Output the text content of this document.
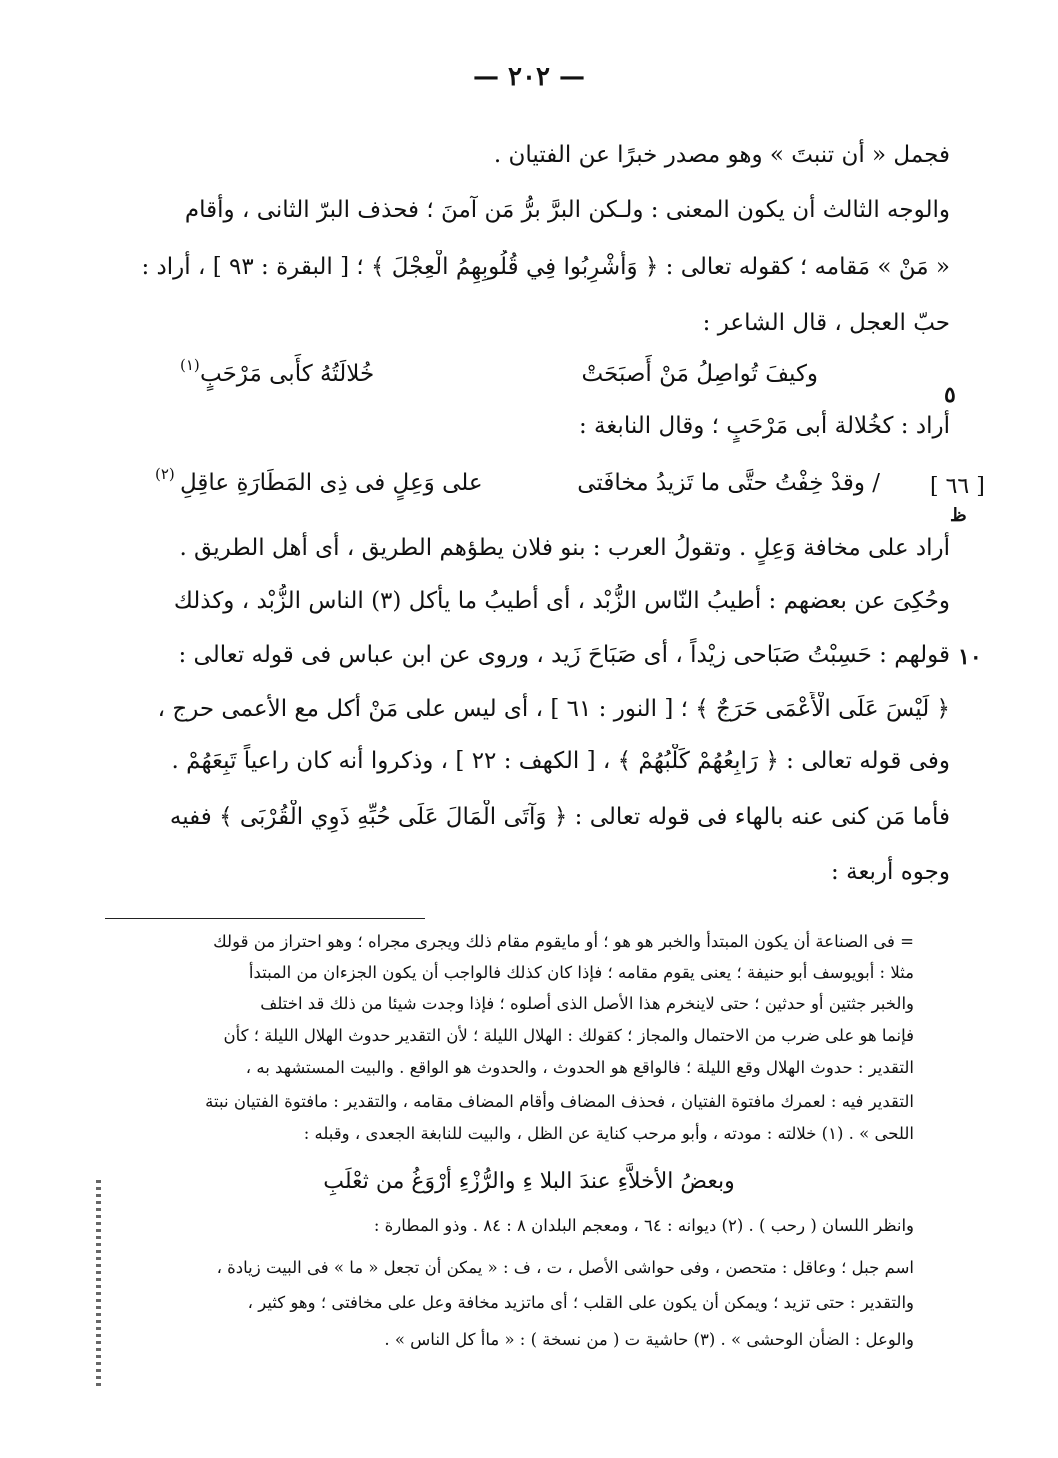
— ٢٠٢ —
فجمل « أن تنبتَ » وهو مصدر خبرًا عن الفتيان .
والوجه الثالث أن يكون المعنى : ولـكن البرَّ برُّ مَن آمنَ ؛ فحذف البرّ الثانى ، وأقام
« مَنْ » مَقامه ؛ كقوله تعالى : ﴿ وَأُشْرِبُوا فِي قُلُوبِهِمُ الْعِجْلَ ﴾ ؛ [ البقرة : ٩٣ ] ، أراد :
حبّ العجل ، قال الشاعر :
أراد : كخُلالة أبى مَرْحَبٍ ؛ وقال النابغة :
أراد على مخافة وَعِلٍ . وتقولُ العرب : بنو فلان يطؤهم الطريق ، أى أهل الطريق .
وحُكِىَ عن بعضهم : أطيبُ النّاس الزُّبْد ، أى أطيبُ ما يأكل (٣) الناس الزُّبْد ، وكذلك
قولهم : حَسِبْتُ صَبَاحى زيْداً ، أى صَبَاحَ زَيد ، وروى عن ابن عباس فى قوله تعالى :
﴿ لَيْسَ عَلَى الْأَعْمَى حَرَجٌ ﴾ ؛ [ النور : ٦١ ] ، أى ليس على مَنْ أكل مع الأعمى حرج ،
وفى قوله تعالى : ﴿ رَابِعُهُمْ كَلْبُهُمْ ﴾ ، [ الكهف : ٢٢ ] ، وذكروا أنه كان راعياً تَبِعَهُمْ .
فأما مَن كنى عنه بالهاء فى قوله تعالى : ﴿ وَآتَى الْمَالَ عَلَى حُبِّهِ ذَوِي الْقُرْبَى ﴾ ففيه
وجوه أربعة :
وكيفَ تُواصِلُ مَنْ أَصبَحَتْ
خُلالَتُهُ كأَبى مَرْحَبٍ
(١)
/ وقدْ خِفْتُ حتَّى ما تَزيدُ مخافَتى
على وَعِلٍ فى ذِى المَطَارَةِ عاقِلِ
(٢)
٥
[ ٦٦ ]
ظ
١٠
= فى الصناعة أن يكون المبتدأ والخبر هو هو ؛ أو مايقوم مقام ذلك ويجرى مجراه ؛ وهو احتراز من قولك
مثلا : أبويوسف أبو حنيفة ؛ يعنى يقوم مقامه ؛ فإذا كان كذلك فالواجب أن يكون الجزءان من المبتدأ
والخبر جثتين أو حدثين ؛ حتى لاينخرم هذا الأصل الذى أصلوه ؛ فإذا وجدت شيئا من ذلك قد اختلف
فإنما هو على ضرب من الاحتمال والمجاز ؛ كقولك : الهلال الليلة ؛ لأن التقدير حدوث الهلال الليلة ؛ كأن
التقدير : حدوث الهلال وقع الليلة ؛ فالواقع هو الحدوث ، والحدوث هو الواقع . والبيت المستشهد به ،
التقدير فيه : لعمرك مافتوة الفتيان ، فحذف المضاف وأقام المضاف مقامه ، والتقدير : مافتوة الفتيان نبتة
اللحى » . (١) خلالته : مودته ، وأبو مرحب كناية عن الظل ، والبيت للنابغة الجعدى ، وقبله :
وبعضُ الأخلاَّءِ عندَ البلا ءِ والرُّزْءِ أرْوَغُ من ثعْلَبِ
وانظر اللسان ( رحب ) . (٢) ديوانه : ٦٤ ، ومعجم البلدان ٨ : ٨٤ . وذو المطارة :
اسم جبل ؛ وعاقل : متحصن ، وفى حواشى الأصل ، ت ، ف : « يمكن أن تجعل « ما » فى البيت زيادة ،
والتقدير : حتى تزيد ؛ ويمكن أن يكون على القلب ؛ أى ماتزيد مخافة وعل على مخافتى ؛ وهو كثير ،
والوعل : الضأن الوحشى » . (٣) حاشية ت ( من نسخة ) : « ماأ كل الناس » .
